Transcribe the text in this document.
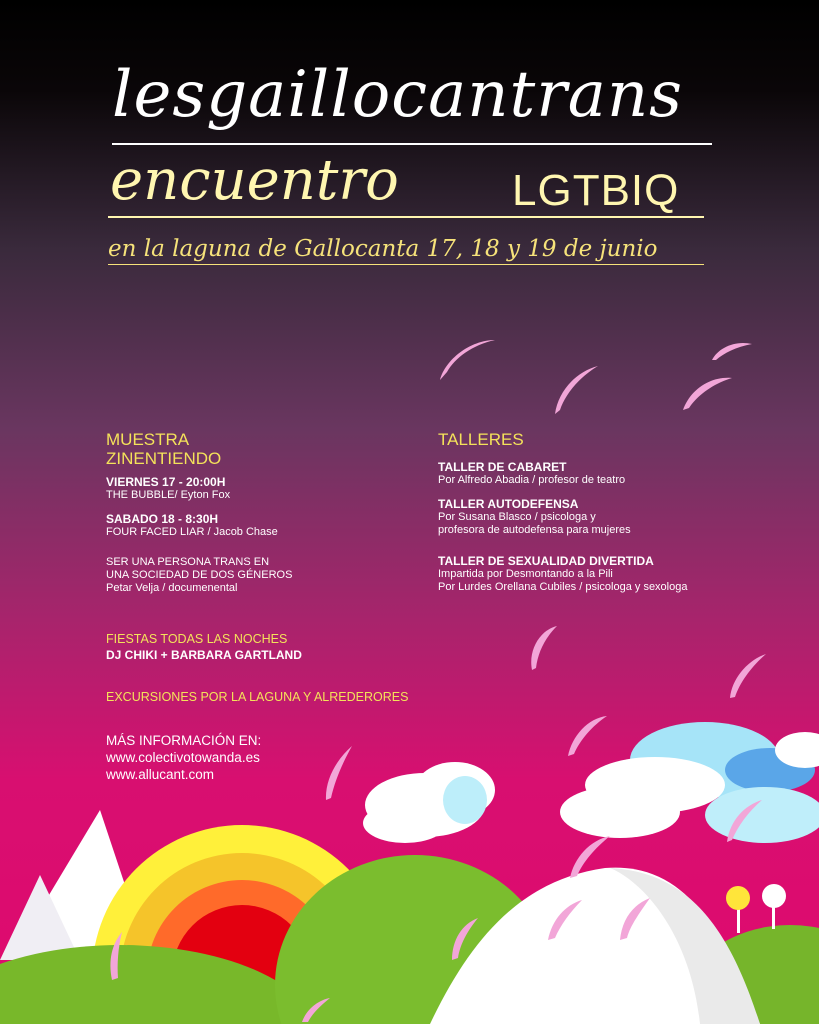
lesgaillocantrans
encuentro	LGTBIQ
en la laguna de Gallocanta 17, 18 y 19 de junio
MUESTRA
ZINENTIENDO
VIERNES 17 - 20:00H
THE BUBBLE/ Eyton Fox
SABADO 18 - 8:30H
FOUR FACED LIAR / Jacob Chase
SER UNA PERSONA TRANS EN
UNA SOCIEDAD DE DOS GÉNEROS
Petar Velja / documenental
TALLERES
TALLER DE CABARET
Por Alfredo Abadia / profesor de teatro
TALLER AUTODEFENSA
Por Susana Blasco / psicologa y
profesora de autodefensa para mujeres
TALLER DE SEXUALIDAD DIVERTIDA
Impartida por Desmontando a la Pili
Por Lurdes Orellana Cubiles / psicologa y sexologa
FIESTAS TODAS LAS NOCHES
DJ CHIKI + BARBARA GARTLAND
EXCURSIONES POR LA LAGUNA Y ALREDERORES
MÁS INFORMACIÓN EN:
www.colectivotowanda.es
www.allucant.com
